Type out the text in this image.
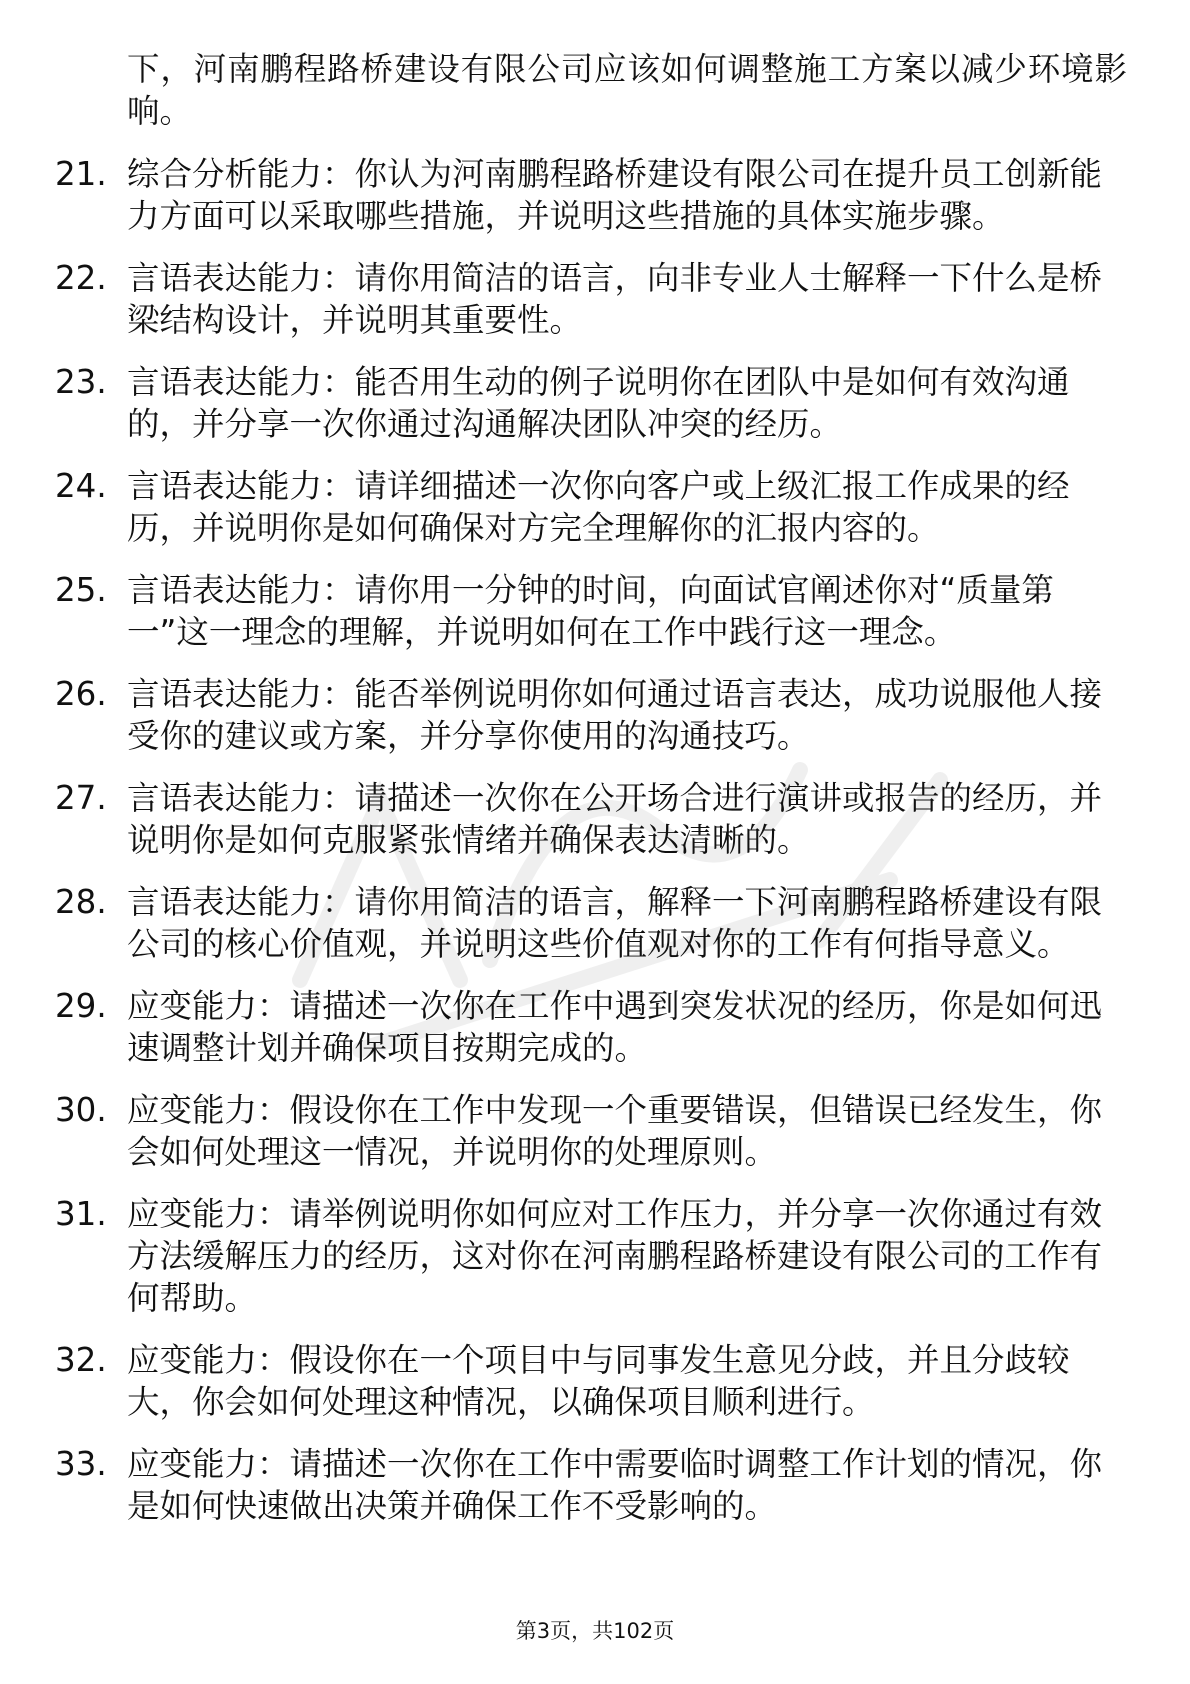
下，河南鹏程路桥建设有限公司应该如何调整施工方案以减少环境影响。
21. 综合分析能力：你认为河南鹏程路桥建设有限公司在提升员工创新能力方面可以采取哪些措施，并说明这些措施的具体实施步骤。
22. 言语表达能力：请你用简洁的语言，向非专业人士解释一下什么是桥梁结构设计，并说明其重要性。
23. 言语表达能力：能否用生动的例子说明你在团队中是如何有效沟通的，并分享一次你通过沟通解决团队冲突的经历。
24. 言语表达能力：请详细描述一次你向客户或上级汇报工作成果的经历，并说明你是如何确保对方完全理解你的汇报内容的。
25. 言语表达能力：请你用一分钟的时间，向面试官阐述你对“质量第一”这一理念的理解，并说明如何在工作中践行这一理念。
26. 言语表达能力：能否举例说明你如何通过语言表达，成功说服他人接受你的建议或方案，并分享你使用的沟通技巧。
27. 言语表达能力：请描述一次你在公开场合进行演讲或报告的经历，并说明你是如何克服紧张情绪并确保表达清晰的。
28. 言语表达能力：请你用简洁的语言，解释一下河南鹏程路桥建设有限公司的核心价值观，并说明这些价值观对你的工作有何指导意义。
29. 应变能力：请描述一次你在工作中遇到突发状况的经历，你是如何迅速调整计划并确保项目按期完成的。
30. 应变能力：假设你在工作中发现一个重要错误，但错误已经发生，你会如何处理这一情况，并说明你的处理原则。
31. 应变能力：请举例说明你如何应对工作压力，并分享一次你通过有效方法缓解压力的经历，这对你在河南鹏程路桥建设有限公司的工作有何帮助。
32. 应变能力：假设你在一个项目中与同事发生意见分歧，并且分歧较大，你会如何处理这种情况，以确保项目顺利进行。
33. 应变能力：请描述一次你在工作中需要临时调整工作计划的情况，你是如何快速做出决策并确保工作不受影响的。
第3页，共102页
